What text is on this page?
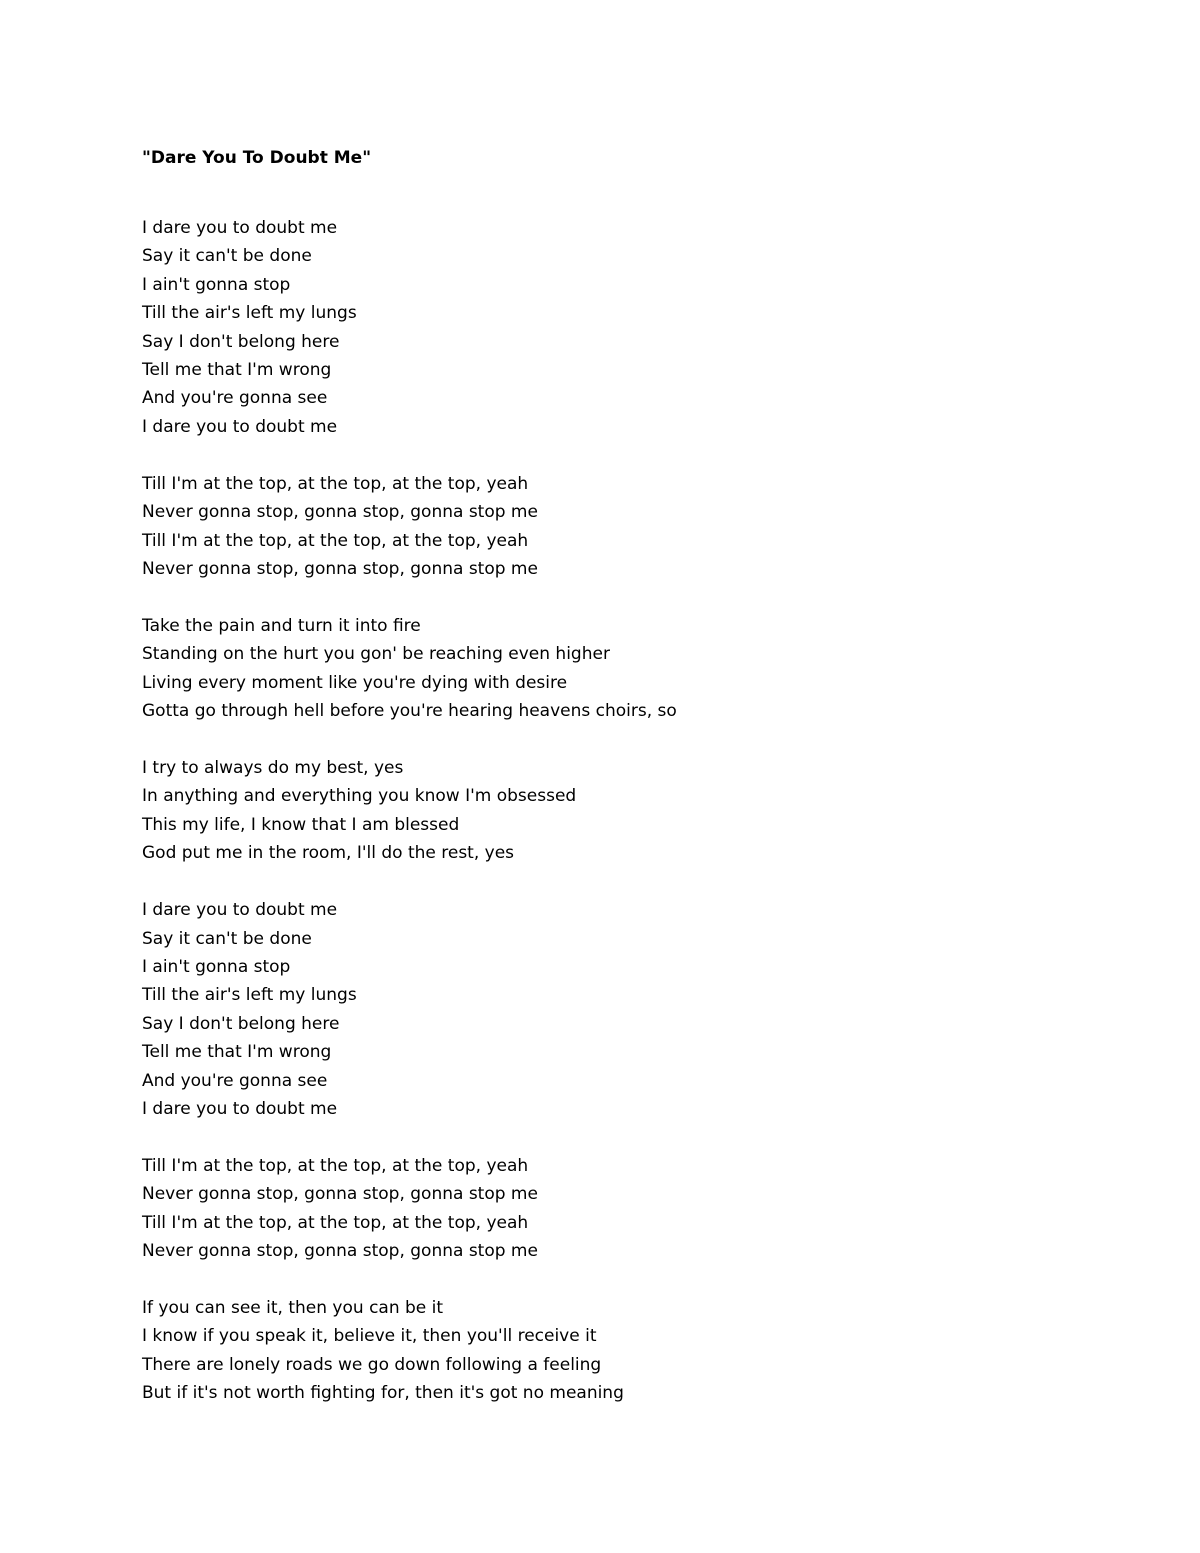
"Dare You To Doubt Me"
I dare you to doubt me
Say it can't be done
I ain't gonna stop
Till the air's left my lungs
Say I don't belong here
Tell me that I'm wrong
And you're gonna see
I dare you to doubt me
Till I'm at the top, at the top, at the top, yeah
Never gonna stop, gonna stop, gonna stop me
Till I'm at the top, at the top, at the top, yeah
Never gonna stop, gonna stop, gonna stop me
Take the pain and turn it into fire
Standing on the hurt you gon' be reaching even higher
Living every moment like you're dying with desire
Gotta go through hell before you're hearing heavens choirs, so
I try to always do my best, yes
In anything and everything you know I'm obsessed
This my life, I know that I am blessed
God put me in the room, I'll do the rest, yes
I dare you to doubt me
Say it can't be done
I ain't gonna stop
Till the air's left my lungs
Say I don't belong here
Tell me that I'm wrong
And you're gonna see
I dare you to doubt me
Till I'm at the top, at the top, at the top, yeah
Never gonna stop, gonna stop, gonna stop me
Till I'm at the top, at the top, at the top, yeah
Never gonna stop, gonna stop, gonna stop me
If you can see it, then you can be it
I know if you speak it, believe it, then you'll receive it
There are lonely roads we go down following a feeling
But if it's not worth fighting for, then it's got no meaning
